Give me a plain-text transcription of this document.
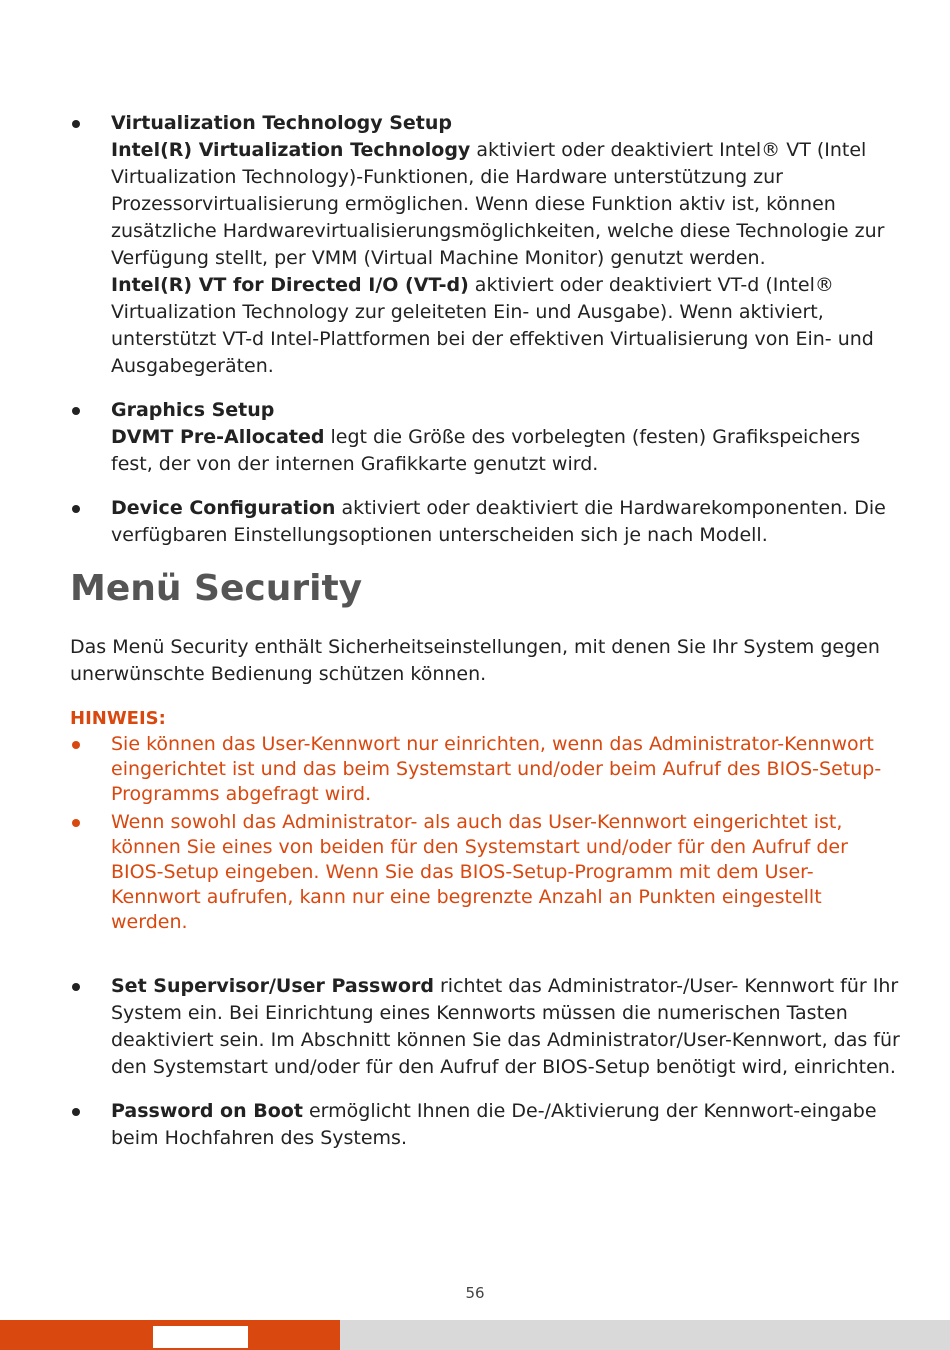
Virtualization Technology Setup

Intel(R) Virtualization Technology aktiviert oder deaktiviert Intel® VT (Intel Virtualization Technology)-Funktionen, die Hardware unterstützung zur Prozessorvirtualisierung ermöglichen. Wenn diese Funktion aktiv ist, können zusätzliche Hardwarevirtualisierungsmöglichkeiten, welche diese Technologie zur Verfügung stellt, per VMM (Virtual Machine Monitor) genutzt werden.

Intel(R) VT for Directed I/O (VT-d) aktiviert oder deaktiviert VT-d (Intel® Virtualization Technology zur geleiteten Ein- und Ausgabe). Wenn aktiviert, unterstützt VT-d Intel-Plattformen bei der effektiven Virtualisierung von Ein- und Ausgabegeräten.

Graphics Setup

DVMT Pre-Allocated legt die Größe des vorbelegten (festen) Grafikspeichers fest, der von der internen Grafikkarte genutzt wird.

Device Configuration aktiviert oder deaktiviert die Hardwarekomponenten. Die verfügbaren Einstellungsoptionen unterscheiden sich je nach Modell.

Menü Security

Das Menü Security enthält Sicherheitseinstellungen, mit denen Sie Ihr System gegen unerwünschte Bedienung schützen können.

HINWEIS:

Sie können das User-Kennwort nur einrichten, wenn das Administrator-Kennwort eingerichtet ist und das beim Systemstart und/oder beim Aufruf des BIOS-Setup-Programms abgefragt wird.
Wenn sowohl das Administrator- als auch das User-Kennwort eingerichtet ist, können Sie eines von beiden für den Systemstart und/oder für den Aufruf der BIOS-Setup eingeben. Wenn Sie das BIOS-Setup-Programm mit dem User-Kennwort aufrufen, kann nur eine begrenzte Anzahl an Punkten eingestellt werden.

Set Supervisor/User Password richtet das Administrator-/User- Kennwort für Ihr System ein. Bei Einrichtung eines Kennworts müssen die numerischen Tasten deaktiviert sein. Im Abschnitt können Sie das Administrator/User-Kennwort, das für den Systemstart und/oder für den Aufruf der BIOS-Setup benötigt wird, einrichten.

Password on Boot ermöglicht Ihnen die De-/Aktivierung der Kennwort-eingabe beim Hochfahren des Systems.

56
